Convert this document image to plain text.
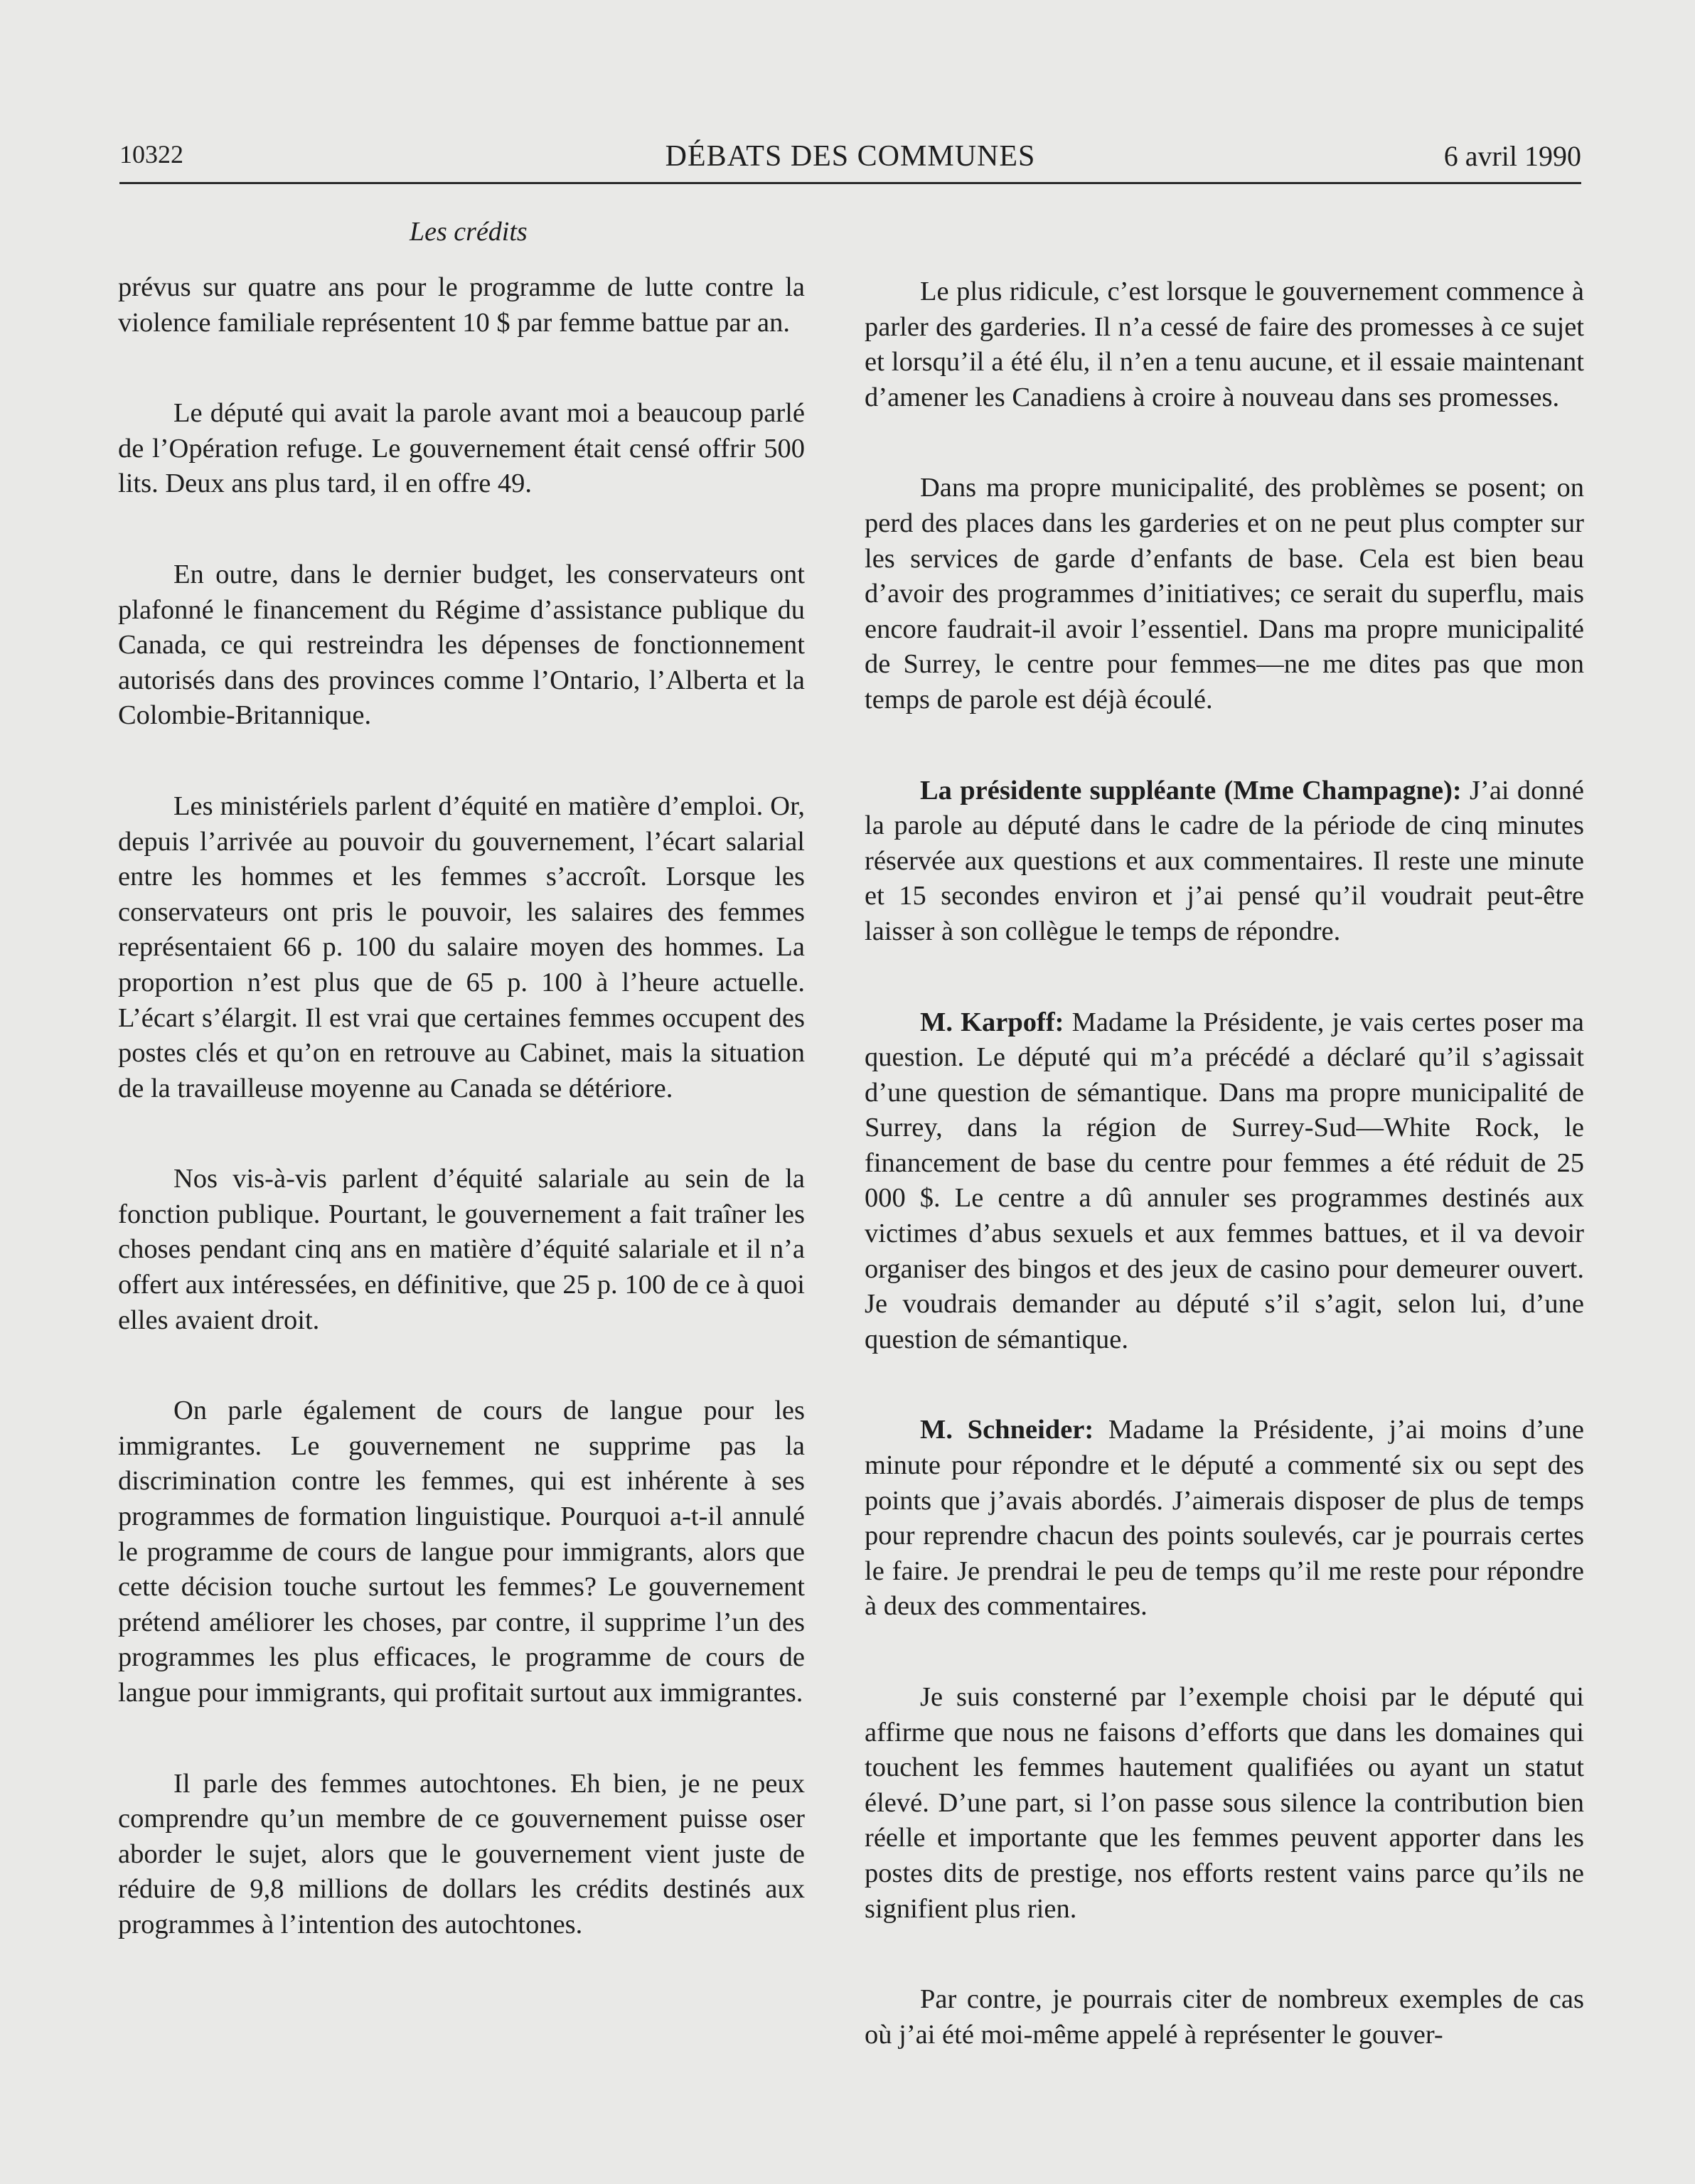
10322	DÉBATS DES COMMUNES	6 avril 1990
Les crédits

prévus sur quatre ans pour le programme de lutte contre la violence familiale représentent 10 $ par femme battue par an.

Le député qui avait la parole avant moi a beaucoup parlé de l’Opération refuge. Le gouvernement était censé offrir 500 lits. Deux ans plus tard, il en offre 49.

En outre, dans le dernier budget, les conservateurs ont plafonné le financement du Régime d’assistance publique du Canada, ce qui restreindra les dépenses de fonctionnement autorisés dans des provinces comme l’Ontario, l’Alberta et la Colombie-Britannique.

Les ministériels parlent d’équité en matière d’emploi. Or, depuis l’arrivée au pouvoir du gouvernement, l’écart salarial entre les hommes et les femmes s’accroît. Lorsque les conservateurs ont pris le pouvoir, les salaires des femmes représentaient 66 p. 100 du salaire moyen des hommes. La proportion n’est plus que de 65 p. 100 à l’heure actuelle. L’écart s’élargit. Il est vrai que certaines femmes occupent des postes clés et qu’on en retrouve au Cabinet, mais la situation de la travailleuse moyenne au Canada se détériore.

Nos vis-à-vis parlent d’équité salariale au sein de la fonction publique. Pourtant, le gouvernement a fait traîner les choses pendant cinq ans en matière d’équité salariale et il n’a offert aux intéressées, en définitive, que 25 p. 100 de ce à quoi elles avaient droit.

On parle également de cours de langue pour les immigrantes. Le gouvernement ne supprime pas la discrimination contre les femmes, qui est inhérente à ses programmes de formation linguistique. Pourquoi a-t-il annulé le programme de cours de langue pour immigrants, alors que cette décision touche surtout les femmes? Le gouvernement prétend améliorer les choses, par contre, il supprime l’un des programmes les plus efficaces, le programme de cours de langue pour immigrants, qui profitait surtout aux immigrantes.

Il parle des femmes autochtones. Eh bien, je ne peux comprendre qu’un membre de ce gouvernement puisse oser aborder le sujet, alors que le gouvernement vient juste de réduire de 9,8 millions de dollars les crédits destinés aux programmes à l’intention des autochtones.

Le plus ridicule, c’est lorsque le gouvernement commence à parler des garderies. Il n’a cessé de faire des promesses à ce sujet et lorsqu’il a été élu, il n’en a tenu aucune, et il essaie maintenant d’amener les Canadiens à croire à nouveau dans ses promesses.

Dans ma propre municipalité, des problèmes se posent; on perd des places dans les garderies et on ne peut plus compter sur les services de garde d’enfants de base. Cela est bien beau d’avoir des programmes d’initiatives; ce serait du superflu, mais encore faudrait-il avoir l’essentiel. Dans ma propre municipalité de Surrey, le centre pour femmes—ne me dites pas que mon temps de parole est déjà écoulé.

La présidente suppléante (Mme Champagne): J’ai donné la parole au député dans le cadre de la période de cinq minutes réservée aux questions et aux commentaires. Il reste une minute et 15 secondes environ et j’ai pensé qu’il voudrait peut-être laisser à son collègue le temps de répondre.

M. Karpoff: Madame la Présidente, je vais certes poser ma question. Le député qui m’a précédé a déclaré qu’il s’agissait d’une question de sémantique. Dans ma propre municipalité de Surrey, dans la région de Surrey-Sud—White Rock, le financement de base du centre pour femmes a été réduit de 25 000 $. Le centre a dû annuler ses programmes destinés aux victimes d’abus sexuels et aux femmes battues, et il va devoir organiser des bingos et des jeux de casino pour demeurer ouvert. Je voudrais demander au député s’il s’agit, selon lui, d’une question de sémantique.

M. Schneider: Madame la Présidente, j’ai moins d’une minute pour répondre et le député a commenté six ou sept des points que j’avais abordés. J’aimerais disposer de plus de temps pour reprendre chacun des points soulevés, car je pourrais certes le faire. Je prendrai le peu de temps qu’il me reste pour répondre à deux des commentaires.

Je suis consterné par l’exemple choisi par le député qui affirme que nous ne faisons d’efforts que dans les domaines qui touchent les femmes hautement qualifiées ou ayant un statut élevé. D’une part, si l’on passe sous silence la contribution bien réelle et importante que les femmes peuvent apporter dans les postes dits de prestige, nos efforts restent vains parce qu’ils ne signifient plus rien.

Par contre, je pourrais citer de nombreux exemples de cas où j’ai été moi-même appelé à représenter le gouver-
